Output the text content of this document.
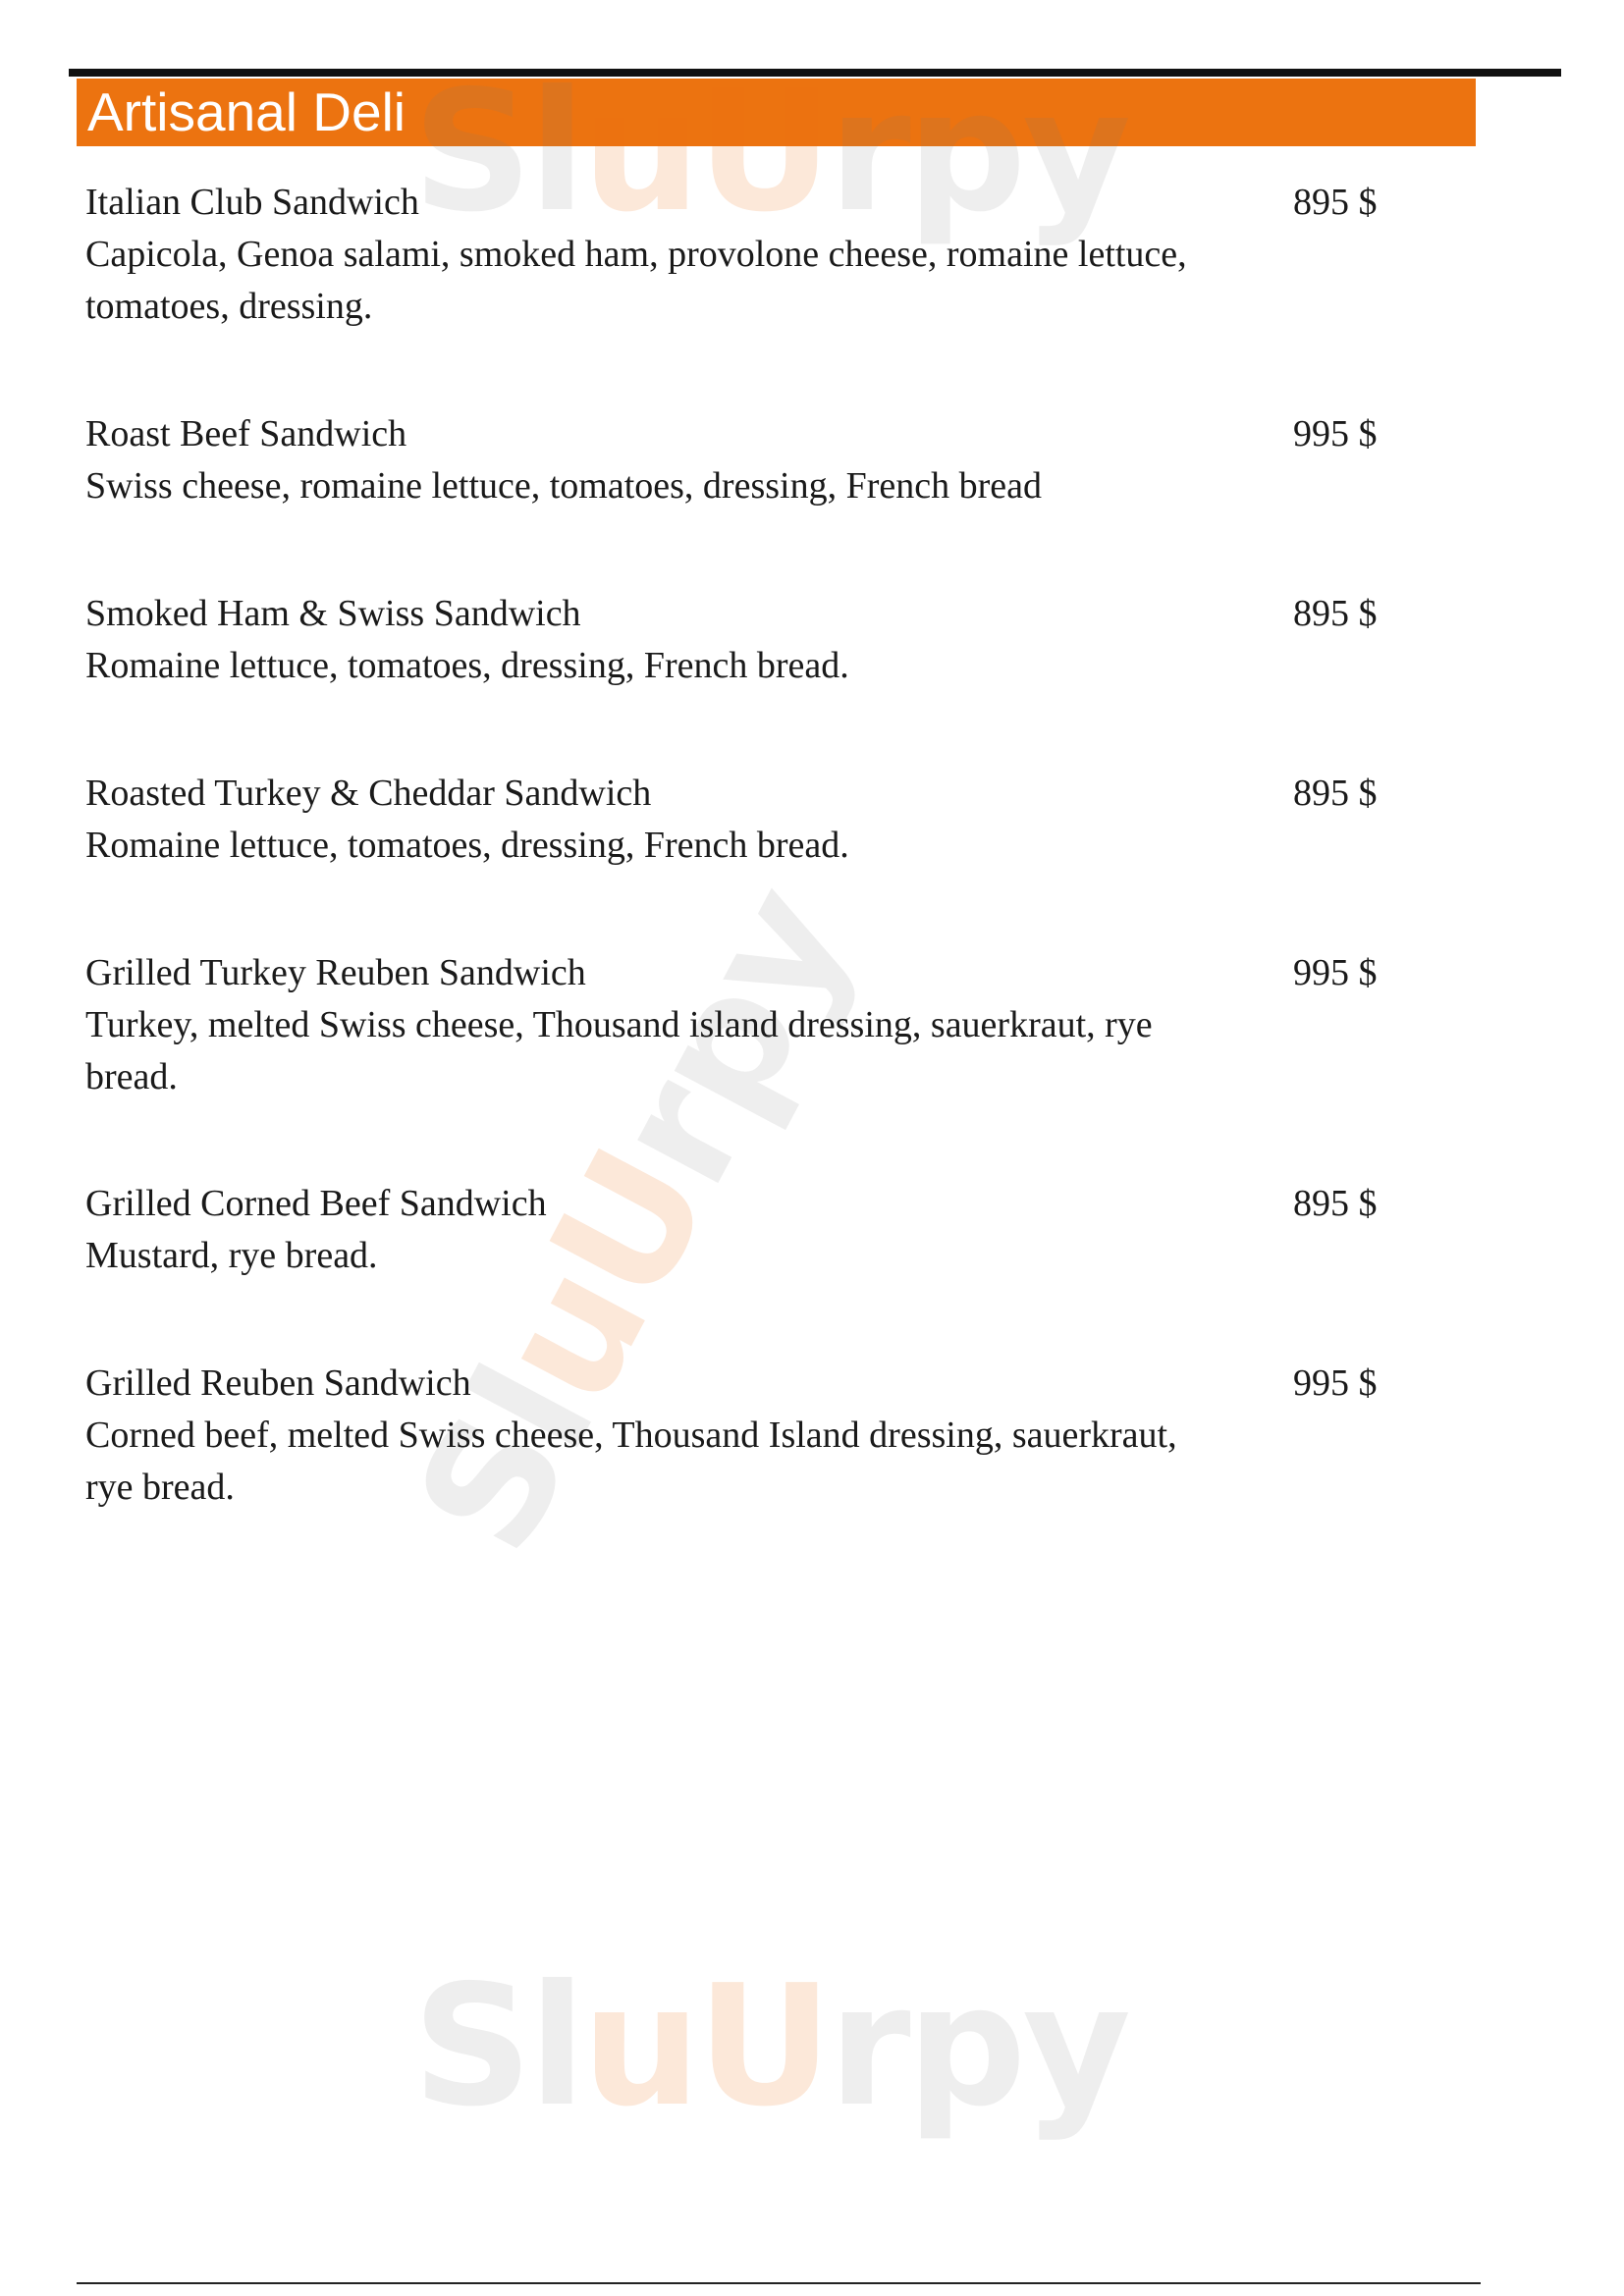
Artisanal Deli SluUrpy
SluUrpy
SluUrpy
Italian Club Sandwich
Capicola, Genoa salami, smoked ham, provolone cheese, romaine lettuce, tomatoes, dressing.
895 $
Roast Beef Sandwich
Swiss cheese, romaine lettuce, tomatoes, dressing, French bread
995 $
Smoked Ham & Swiss Sandwich
Romaine lettuce, tomatoes, dressing, French bread.
895 $
Roasted Turkey & Cheddar Sandwich
Romaine lettuce, tomatoes, dressing, French bread.
895 $
Grilled Turkey Reuben Sandwich
Turkey, melted Swiss cheese, Thousand island dressing, sauerkraut, rye bread.
995 $
Grilled Corned Beef Sandwich
Mustard, rye bread.
895 $
Grilled Reuben Sandwich
Corned beef, melted Swiss cheese, Thousand Island dressing, sauerkraut, rye bread.
995 $
